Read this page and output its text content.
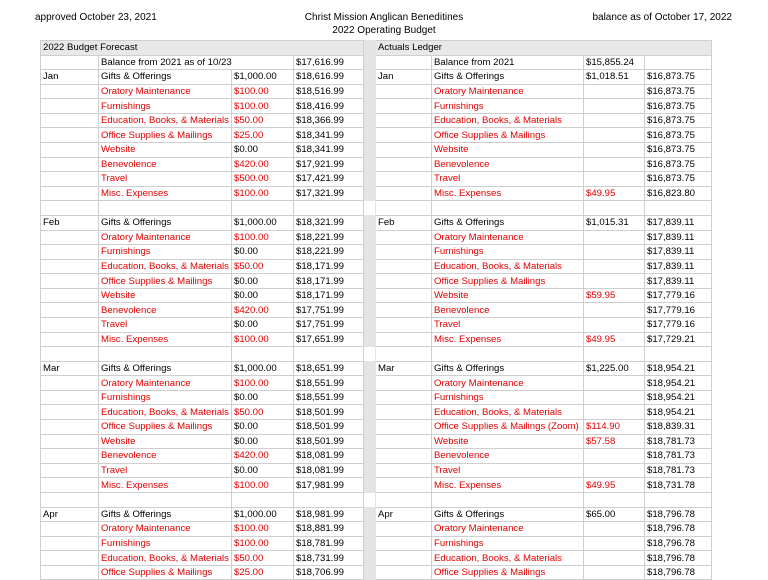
approved October 23, 2021	Christ Mission Anglican Beneditines
2022 Operating Budget
balance as of October 17, 2022
2022 Budget Forecast					Actuals Ledger			
	Balance from 2021 as of 10/23		$17,616.99			Balance from 2021	$15,855.24	
Jan	Gifts & Offerings	$1,000.00	$18,616.99		Jan	Gifts & Offerings	$1,018.51	$16,873.75
	Oratory Maintenance	$100.00	$18,516.99			Oratory Maintenance		$16,873.75
	Furnishings	$100.00	$18,416.99			Furnishings		$16,873.75
	Education, Books, & Materials	$50.00	$18,366.99			Education, Books, & Materials		$16,873.75
	Office Supplies & Mailings	$25.00	$18,341.99			Office Supplies & Mailings		$16,873.75
	Website	$0.00	$18,341.99			Website		$16,873.75
	Benevolence	$420.00	$17,921.99			Benevolence		$16,873.75
	Travel	$500.00	$17,421.99			Travel		$16,873.75
	Misc. Expenses	$100.00	$17,321.99			Misc. Expenses	$49.95	$16,823.80

Feb	Gifts & Offerings	$1,000.00	$18,321.99		Feb	Gifts & Offerings	$1,015.31	$17,839.11
	Oratory Maintenance	$100.00	$18,221.99			Oratory Maintenance		$17,839.11
	Furnishings	$0.00	$18,221.99			Furnishings		$17,839.11
	Education, Books, & Materials	$50.00	$18,171.99			Education, Books, & Materials		$17,839.11
	Office Supplies & Mailings	$0.00	$18,171.99			Office Supplies & Mailings		$17,839.11
	Website	$0.00	$18,171.99			Website	$59.95	$17,779.16
	Benevolence	$420.00	$17,751.99			Benevolence		$17,779.16
	Travel	$0.00	$17,751.99			Travel		$17,779.16
	Misc. Expenses	$100.00	$17,651.99			Misc. Expenses	$49.95	$17,729.21

Mar	Gifts & Offerings	$1,000.00	$18,651.99		Mar	Gifts & Offerings	$1,225.00	$18,954.21
	Oratory Maintenance	$100.00	$18,551.99			Oratory Maintenance		$18,954.21
	Furnishings	$0.00	$18,551.99			Furnishings		$18,954.21
	Education, Books, & Materials	$50.00	$18,501.99			Education, Books, & Materials		$18,954.21
	Office Supplies & Mailings	$0.00	$18,501.99			Office Supplies & Mailings (Zoom)	$114.90	$18,839.31
	Website	$0.00	$18,501.99			Website	$57.58	$18,781.73
	Benevolence	$420.00	$18,081.99			Benevolence		$18,781.73
	Travel	$0.00	$18,081.99			Travel		$18,781.73
	Misc. Expenses	$100.00	$17,981.99			Misc. Expenses	$49.95	$18,731.78

Apr	Gifts & Offerings	$1,000.00	$18,981.99		Apr	Gifts & Offerings	$65.00	$18,796.78
	Oratory Maintenance	$100.00	$18,881.99			Oratory Maintenance		$18,796.78
	Furnishings	$100.00	$18,781.99			Furnishings		$18,796.78
	Education, Books, & Materials	$50.00	$18,731.99			Education, Books, & Materials		$18,796.78
	Office Supplies & Mailings	$25.00	$18,706.99			Office Supplies & Mailings		$18,796.78
